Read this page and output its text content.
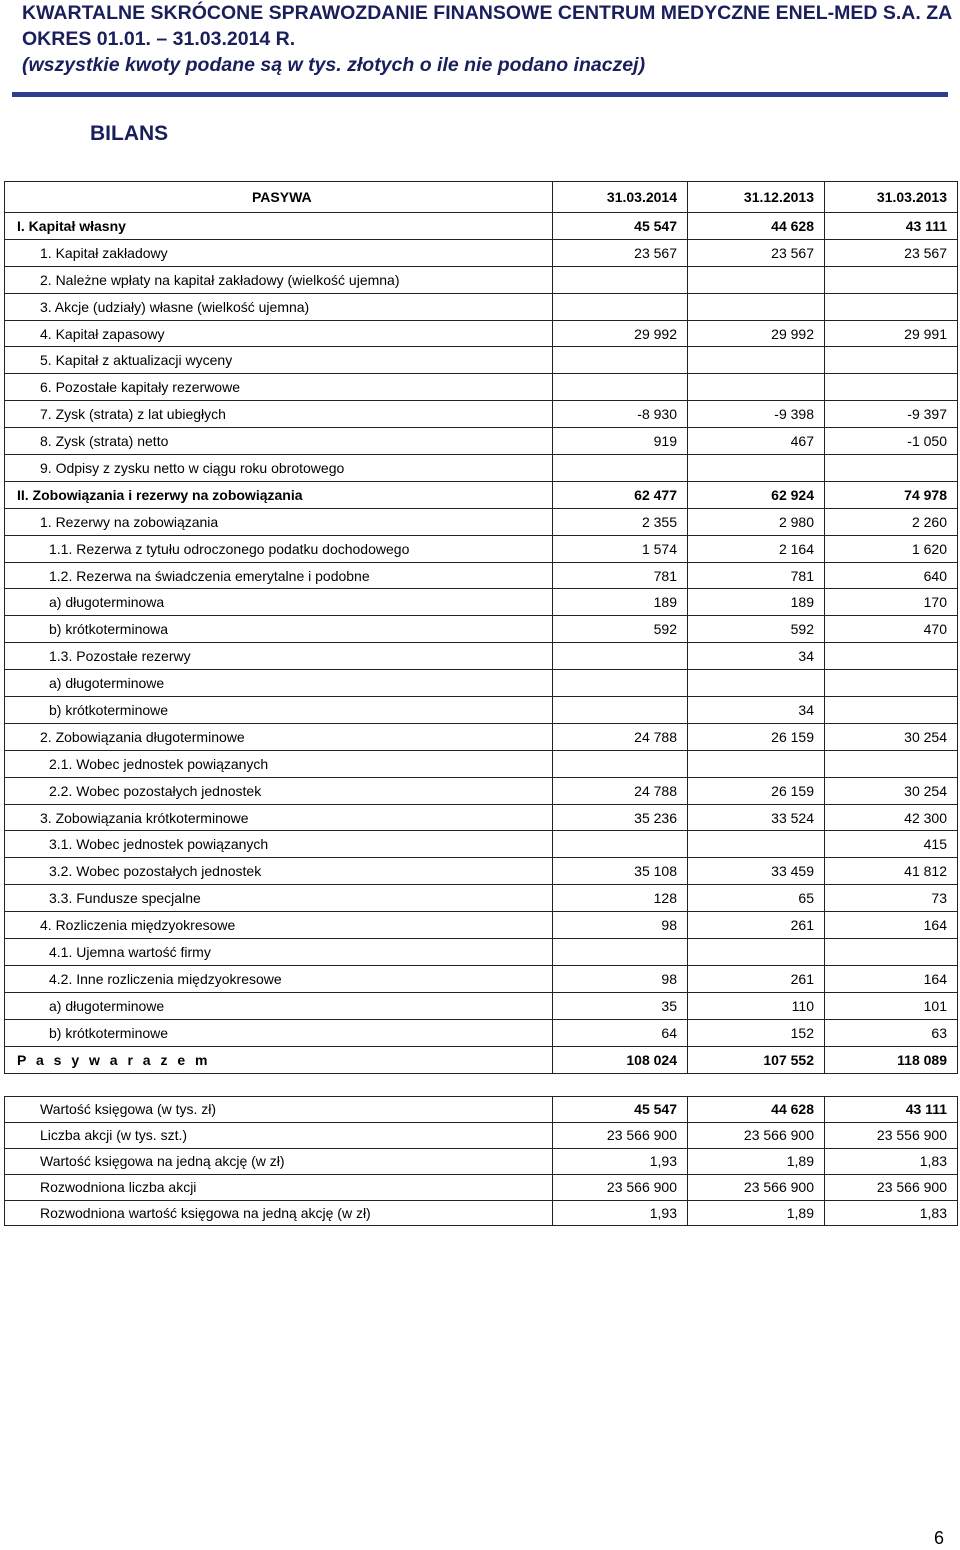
KWARTALNE SKRÓCONE SPRAWOZDANIE FINANSOWE CENTRUM MEDYCZNE ENEL-MED S.A. ZA
OKRES 01.01. – 31.03.2014 R.
(wszystkie kwoty podane są w tys. złotych o ile nie podano inaczej)
BILANS
PASYWA	31.03.2014	31.12.2013	31.03.2013
I. Kapitał własny	45 547	44 628	43 111
1. Kapitał zakładowy	23 567	23 567	23 567
2. Należne wpłaty na kapitał zakładowy (wielkość ujemna)			
3. Akcje (udziały) własne (wielkość ujemna)			
4. Kapitał zapasowy	29 992	29 992	29 991
5. Kapitał z aktualizacji wyceny			
6. Pozostałe kapitały rezerwowe			
7. Zysk (strata) z lat ubiegłych	-8 930	-9 398	-9 397
8. Zysk (strata) netto	919	467	-1 050
9. Odpisy z zysku netto w ciągu roku obrotowego			
II. Zobowiązania i rezerwy na zobowiązania	62 477	62 924	74 978
1. Rezerwy na zobowiązania	2 355	2 980	2 260
1.1. Rezerwa z tytułu odroczonego podatku dochodowego	1 574	2 164	1 620
1.2. Rezerwa na świadczenia emerytalne i podobne	781	781	640
a) długoterminowa	189	189	170
b) krótkoterminowa	592	592	470
1.3. Pozostałe rezerwy		34	
a) długoterminowe			
b) krótkoterminowe		34	
2. Zobowiązania długoterminowe	24 788	26 159	30 254
2.1. Wobec jednostek powiązanych			
2.2. Wobec pozostałych jednostek	24 788	26 159	30 254
3. Zobowiązania krótkoterminowe	35 236	33 524	42 300
3.1. Wobec jednostek powiązanych			415
3.2. Wobec pozostałych jednostek	35 108	33 459	41 812
3.3. Fundusze specjalne	128	65	73
4. Rozliczenia międzyokresowe	98	261	164
4.1. Ujemna wartość firmy			
4.2. Inne rozliczenia międzyokresowe	98	261	164
a) długoterminowe	35	110	101
b) krótkoterminowe	64	152	63
P a s y w a r a z e m	108 024	107 552	118 089
Wartość księgowa (w tys. zł)	45 547	44 628	43 111
Liczba akcji (w tys. szt.)	23 566 900	23 566 900	23 556 900
Wartość księgowa na jedną akcję (w zł)	1,93	1,89	1,83
Rozwodniona liczba akcji	23 566 900	23 566 900	23 566 900
Rozwodniona wartość księgowa na jedną akcję (w zł)	1,93	1,89	1,83
6
